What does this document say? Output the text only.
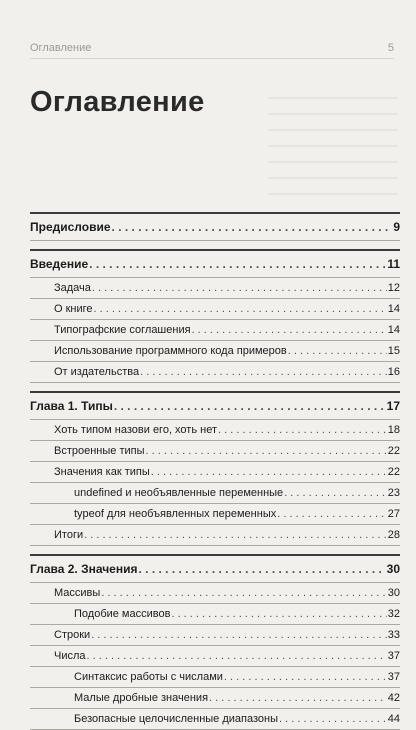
Оглавление	5
Оглавление
Предисловие . . .	9
Введение . . .	11
Задача . . .	12
О книге . . .	14
Типографские соглашения . . .	14
Использование программного кода примеров . . .	15
От издательства . . .	16
Глава 1. Типы . . .	17
Хоть типом назови его, хоть нет . . .	18
Встроенные типы . . .	22
Значения как типы . . .	22
undefined и необъявленные переменные . . .	23
typeof для необъявленных переменных . . .	27
Итоги . . .	28
Глава 2. Значения . . .	30
Массивы . . .	30
Подобие массивов . . .	32
Строки . . .	33
Числа . . .	37
Синтаксис работы с числами . . .	37
Малые дробные значения . . .	42
Безопасные целочисленные диапазоны . . .	44
